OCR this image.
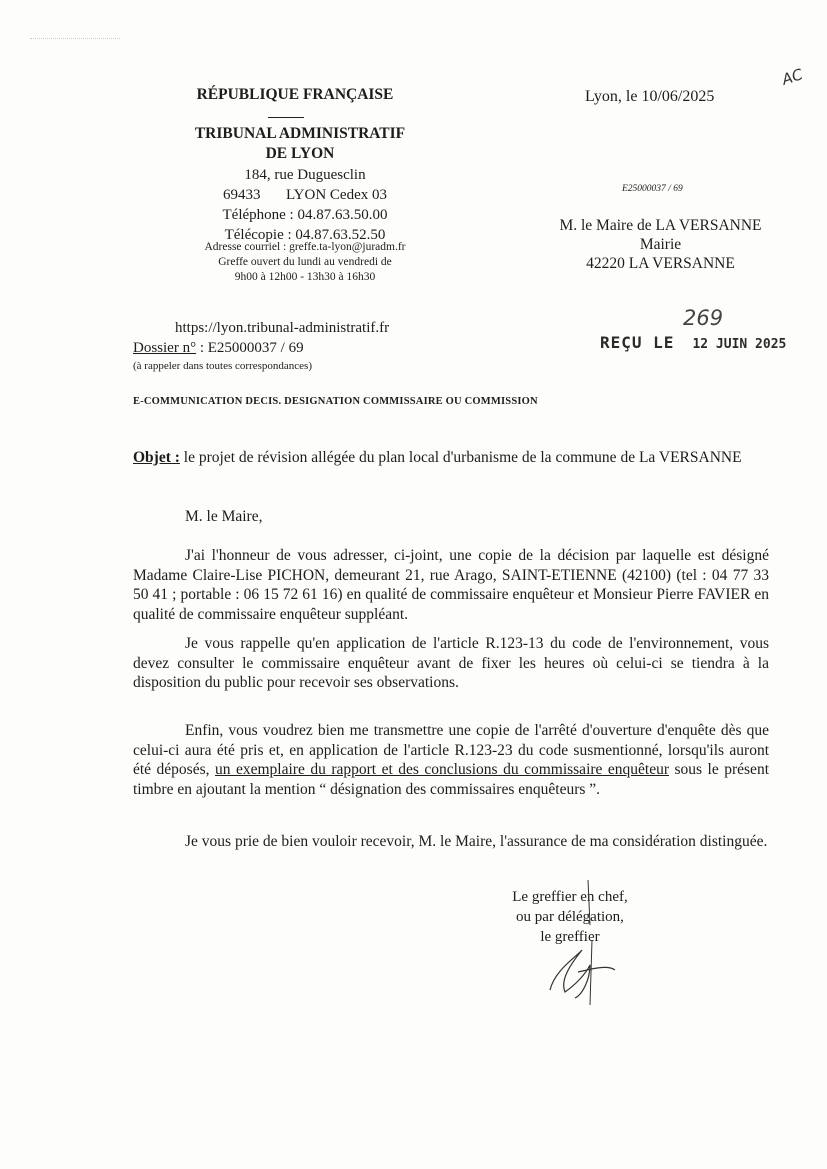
RÉPUBLIQUE FRANÇAISE
TRIBUNAL ADMINISTRATIF
DE LYON
184, rue Duguesclin
69433 LYON Cedex 03
Téléphone : 04.87.63.50.00
Télécopie : 04.87.63.52.50
Adresse courriel : greffe.ta-lyon@juradm.fr
Greffe ouvert du lundi au vendredi de
9h00 à 12h00 - 13h30 à 16h30
Lyon, le 10/06/2025
AC
E25000037 / 69
M. le Maire de LA VERSANNE
Mairie
42220 LA VERSANNE
https://lyon.tribunal-administratif.fr
Dossier n° : E25000037 / 69
(à rappeler dans toutes correspondances)
269
REÇU LE 12 JUIN 2025
E-COMMUNICATION DECIS. DESIGNATION COMMISSAIRE OU COMMISSION
Objet : le projet de révision allégée du plan local d'urbanisme de la commune de La VERSANNE
M. le Maire,
J'ai l'honneur de vous adresser, ci-joint, une copie de la décision par laquelle est désigné Madame Claire-Lise PICHON, demeurant 21, rue Arago, SAINT-ETIENNE (42100) (tel : 04 77 33 50 41 ; portable : 06 15 72 61 16) en qualité de commissaire enquêteur et Monsieur Pierre FAVIER en qualité de commissaire enquêteur suppléant.
Je vous rappelle qu'en application de l'article R.123-13 du code de l'environnement, vous devez consulter le commissaire enquêteur avant de fixer les heures où celui-ci se tiendra à la disposition du public pour recevoir ses observations.
Enfin, vous voudrez bien me transmettre une copie de l'arrêté d'ouverture d'enquête dès que celui-ci aura été pris et, en application de l'article R.123-23 du code susmentionné, lorsqu'ils auront été déposés, un exemplaire du rapport et des conclusions du commissaire enquêteur sous le présent timbre en ajoutant la mention “ désignation des commissaires enquêteurs ”.
Je vous prie de bien vouloir recevoir, M. le Maire, l'assurance de ma considération distinguée.
Le greffier en chef,
ou par délégation,
le greffier
